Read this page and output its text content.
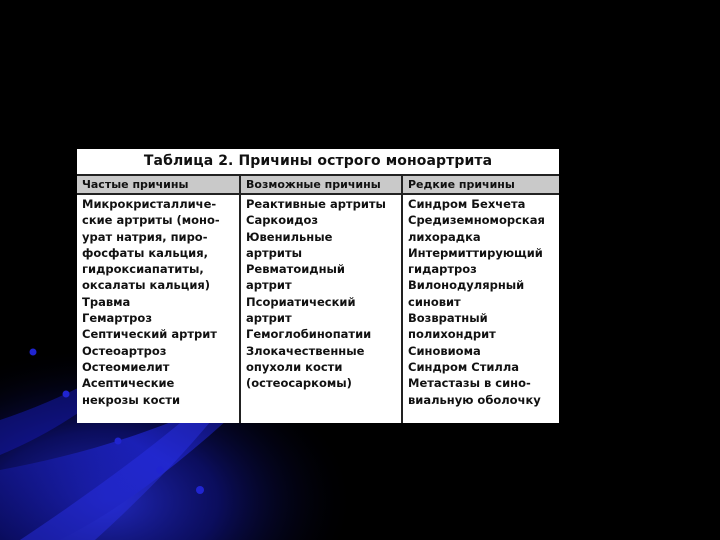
Таблица 2. Причины острого моноартрита
Частые причины
Микрокристалличе-
ские артриты (моно-
урат натрия, пиро-
фосфаты кальция,
гидроксиапатиты,
оксалаты кальция)
Травма
Гемартроз
Септический артрит
Остеоартроз
Остеомиелит
Асептические
некрозы кости
Возможные причины
Реактивные артриты
Саркоидоз
Ювенильные
артриты
Ревматоидный
артрит
Псориатический
артрит
Гемоглобинопатии
Злокачественные
опухоли кости
(остеосаркомы)
Редкие причины
Синдром Бехчета
Средиземноморская
лихорадка
Интермиттирующий
гидартроз
Вилонодулярный
синовит
Возвратный
полихондрит
Синовиома
Синдром Стилла
Метастазы в сино-
виальную оболочку
